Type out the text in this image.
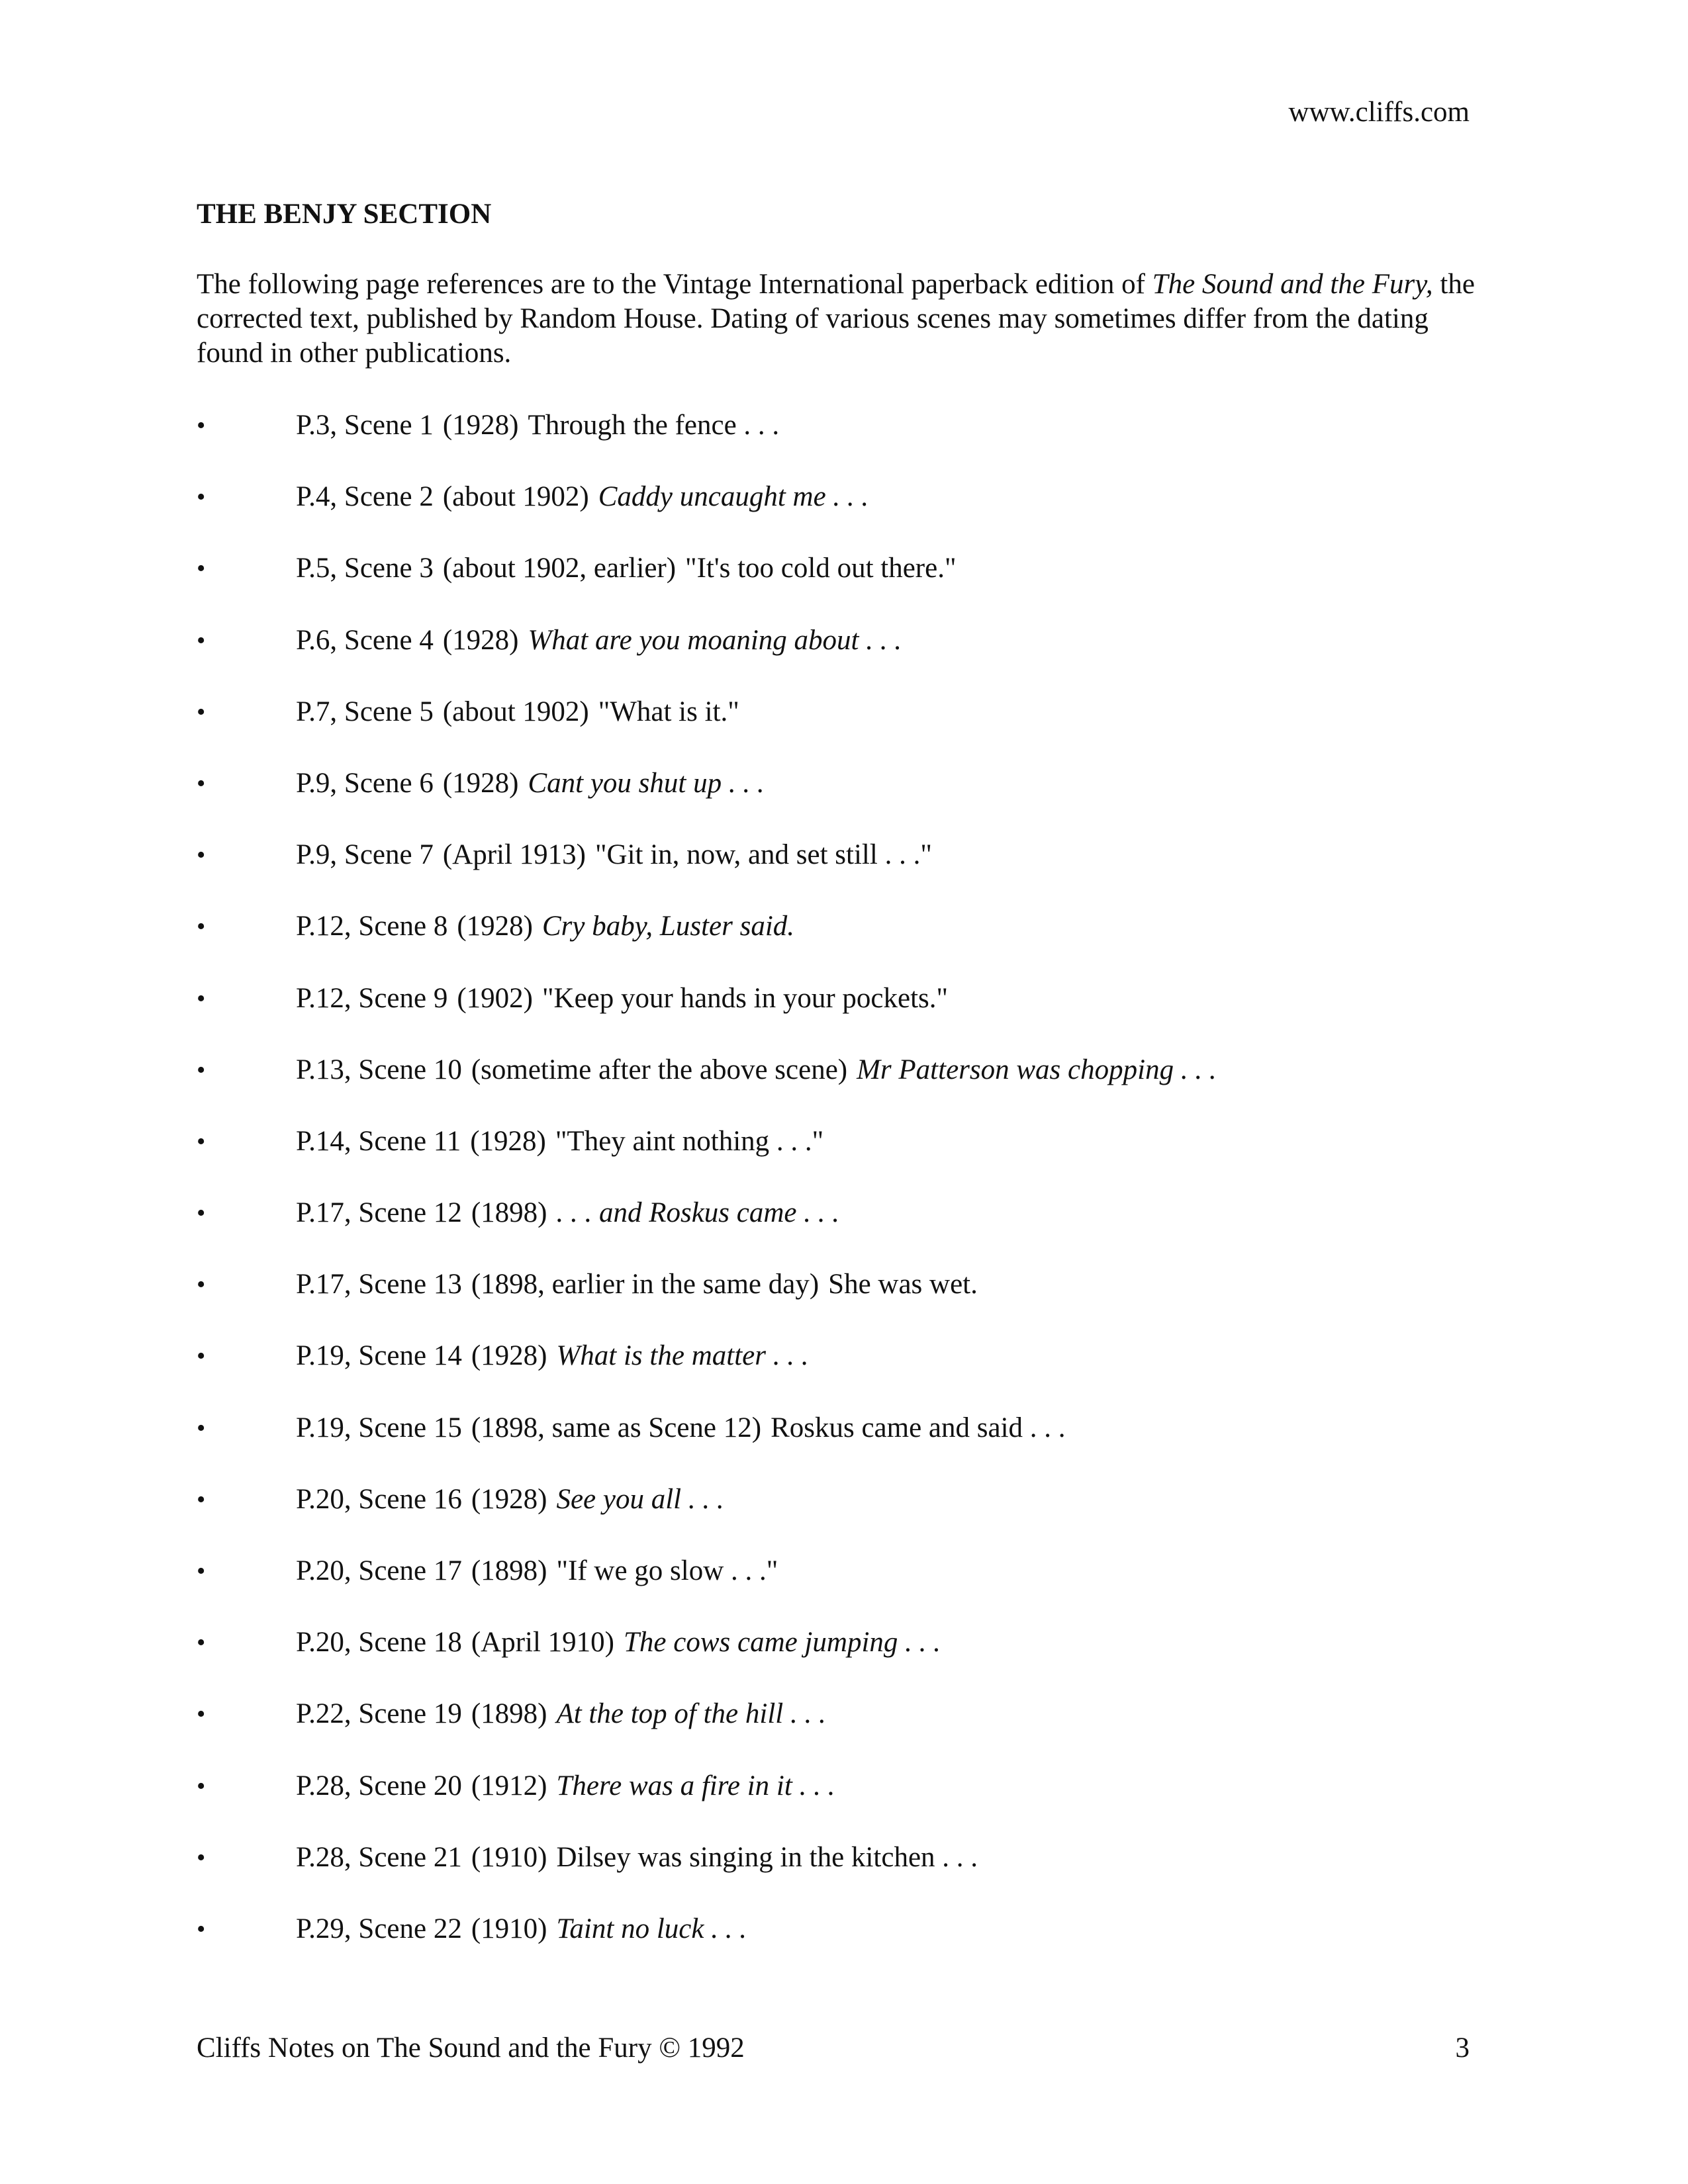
www.cliffs.com
THE BENJY SECTION

The following page references are to the Vintage International paperback edition of The Sound and the Fury, the corrected text, published by Random House. Dating of various scenes may sometimes differ from the dating found in other publications.

•	P.3, Scene 1 (1928) Through the fence . . .
•	P.4, Scene 2 (about 1902) Caddy uncaught me . . .
•	P.5, Scene 3 (about 1902, earlier) "It's too cold out there."
•	P.6, Scene 4 (1928) What are you moaning about . . .
•	P.7, Scene 5 (about 1902) "What is it."
•	P.9, Scene 6 (1928) Cant you shut up . . .
•	P.9, Scene 7 (April 1913) "Git in, now, and set still . . ."
•	P.12, Scene 8 (1928) Cry baby, Luster said.
•	P.12, Scene 9 (1902) "Keep your hands in your pockets."
•	P.13, Scene 10 (sometime after the above scene) Mr Patterson was chopping . . .
•	P.14, Scene 11 (1928) "They aint nothing . . ."
•	P.17, Scene 12 (1898) . . . and Roskus came . . .
•	P.17, Scene 13 (1898, earlier in the same day) She was wet.
•	P.19, Scene 14 (1928) What is the matter . . .
•	P.19, Scene 15 (1898, same as Scene 12) Roskus came and said . . .
•	P.20, Scene 16 (1928) See you all . . .
•	P.20, Scene 17 (1898) "If we go slow . . ."
•	P.20, Scene 18 (April 1910) The cows came jumping . . .
•	P.22, Scene 19 (1898) At the top of the hill . . .
•	P.28, Scene 20 (1912) There was a fire in it . . .
•	P.28, Scene 21 (1910) Dilsey was singing in the kitchen . . .
•	P.29, Scene 22 (1910) Taint no luck . . .
Cliffs Notes on The Sound and the Fury © 1992	3
